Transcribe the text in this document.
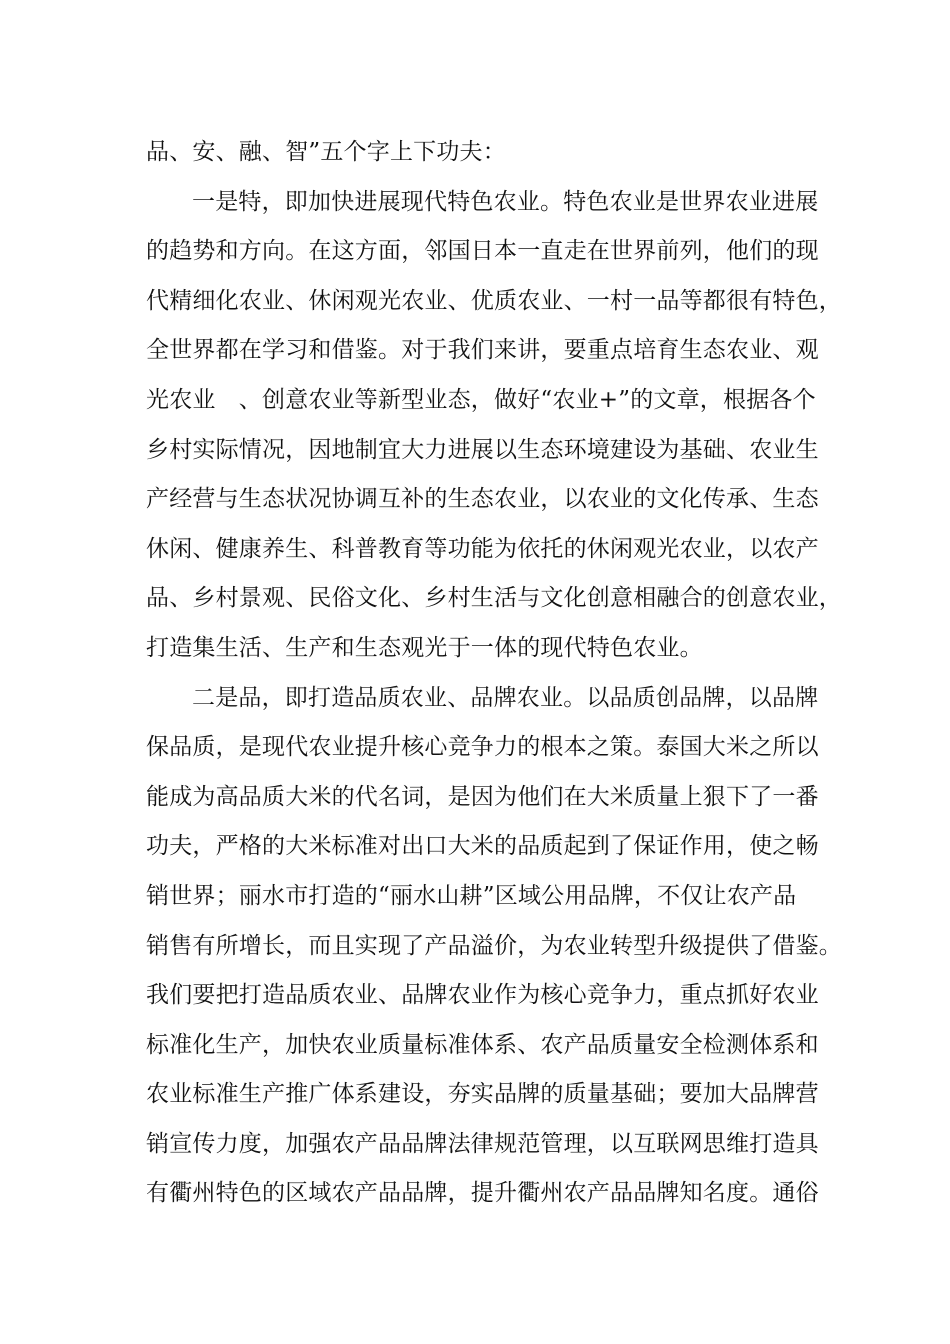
品、安、融、智”五个字上下功夫：
一是特，即加快进展现代特色农业。特色农业是世界农业进展
的趋势和方向。在这方面，邻国日本一直走在世界前列，他们的现
代精细化农业、休闲观光农业、优质农业、一村一品等都很有特色，
全世界都在学习和借鉴。对于我们来讲，要重点培育生态农业、观
光农业　、创意农业等新型业态，做好“农业+”的文章，根据各个
乡村实际情况，因地制宜大力进展以生态环境建设为基础、农业生
产经营与生态状况协调互补的生态农业，以农业的文化传承、生态
休闲、健康养生、科普教育等功能为依托的休闲观光农业，以农产
品、乡村景观、民俗文化、乡村生活与文化创意相融合的创意农业，
打造集生活、生产和生态观光于一体的现代特色农业。
二是品，即打造品质农业、品牌农业。以品质创品牌，以品牌
保品质，是现代农业提升核心竞争力的根本之策。泰国大米之所以
能成为高品质大米的代名词，是因为他们在大米质量上狠下了一番
功夫，严格的大米标准对出口大米的品质起到了保证作用，使之畅
销世界；丽水市打造的“丽水山耕”区域公用品牌，不仅让农产品
销售有所增长，而且实现了产品溢价，为农业转型升级提供了借鉴。
我们要把打造品质农业、品牌农业作为核心竞争力，重点抓好农业
标准化生产，加快农业质量标准体系、农产品质量安全检测体系和
农业标准生产推广体系建设，夯实品牌的质量基础；要加大品牌营
销宣传力度，加强农产品品牌法律规范管理，以互联网思维打造具
有衢州特色的区域农产品品牌，提升衢州农产品品牌知名度。通俗
